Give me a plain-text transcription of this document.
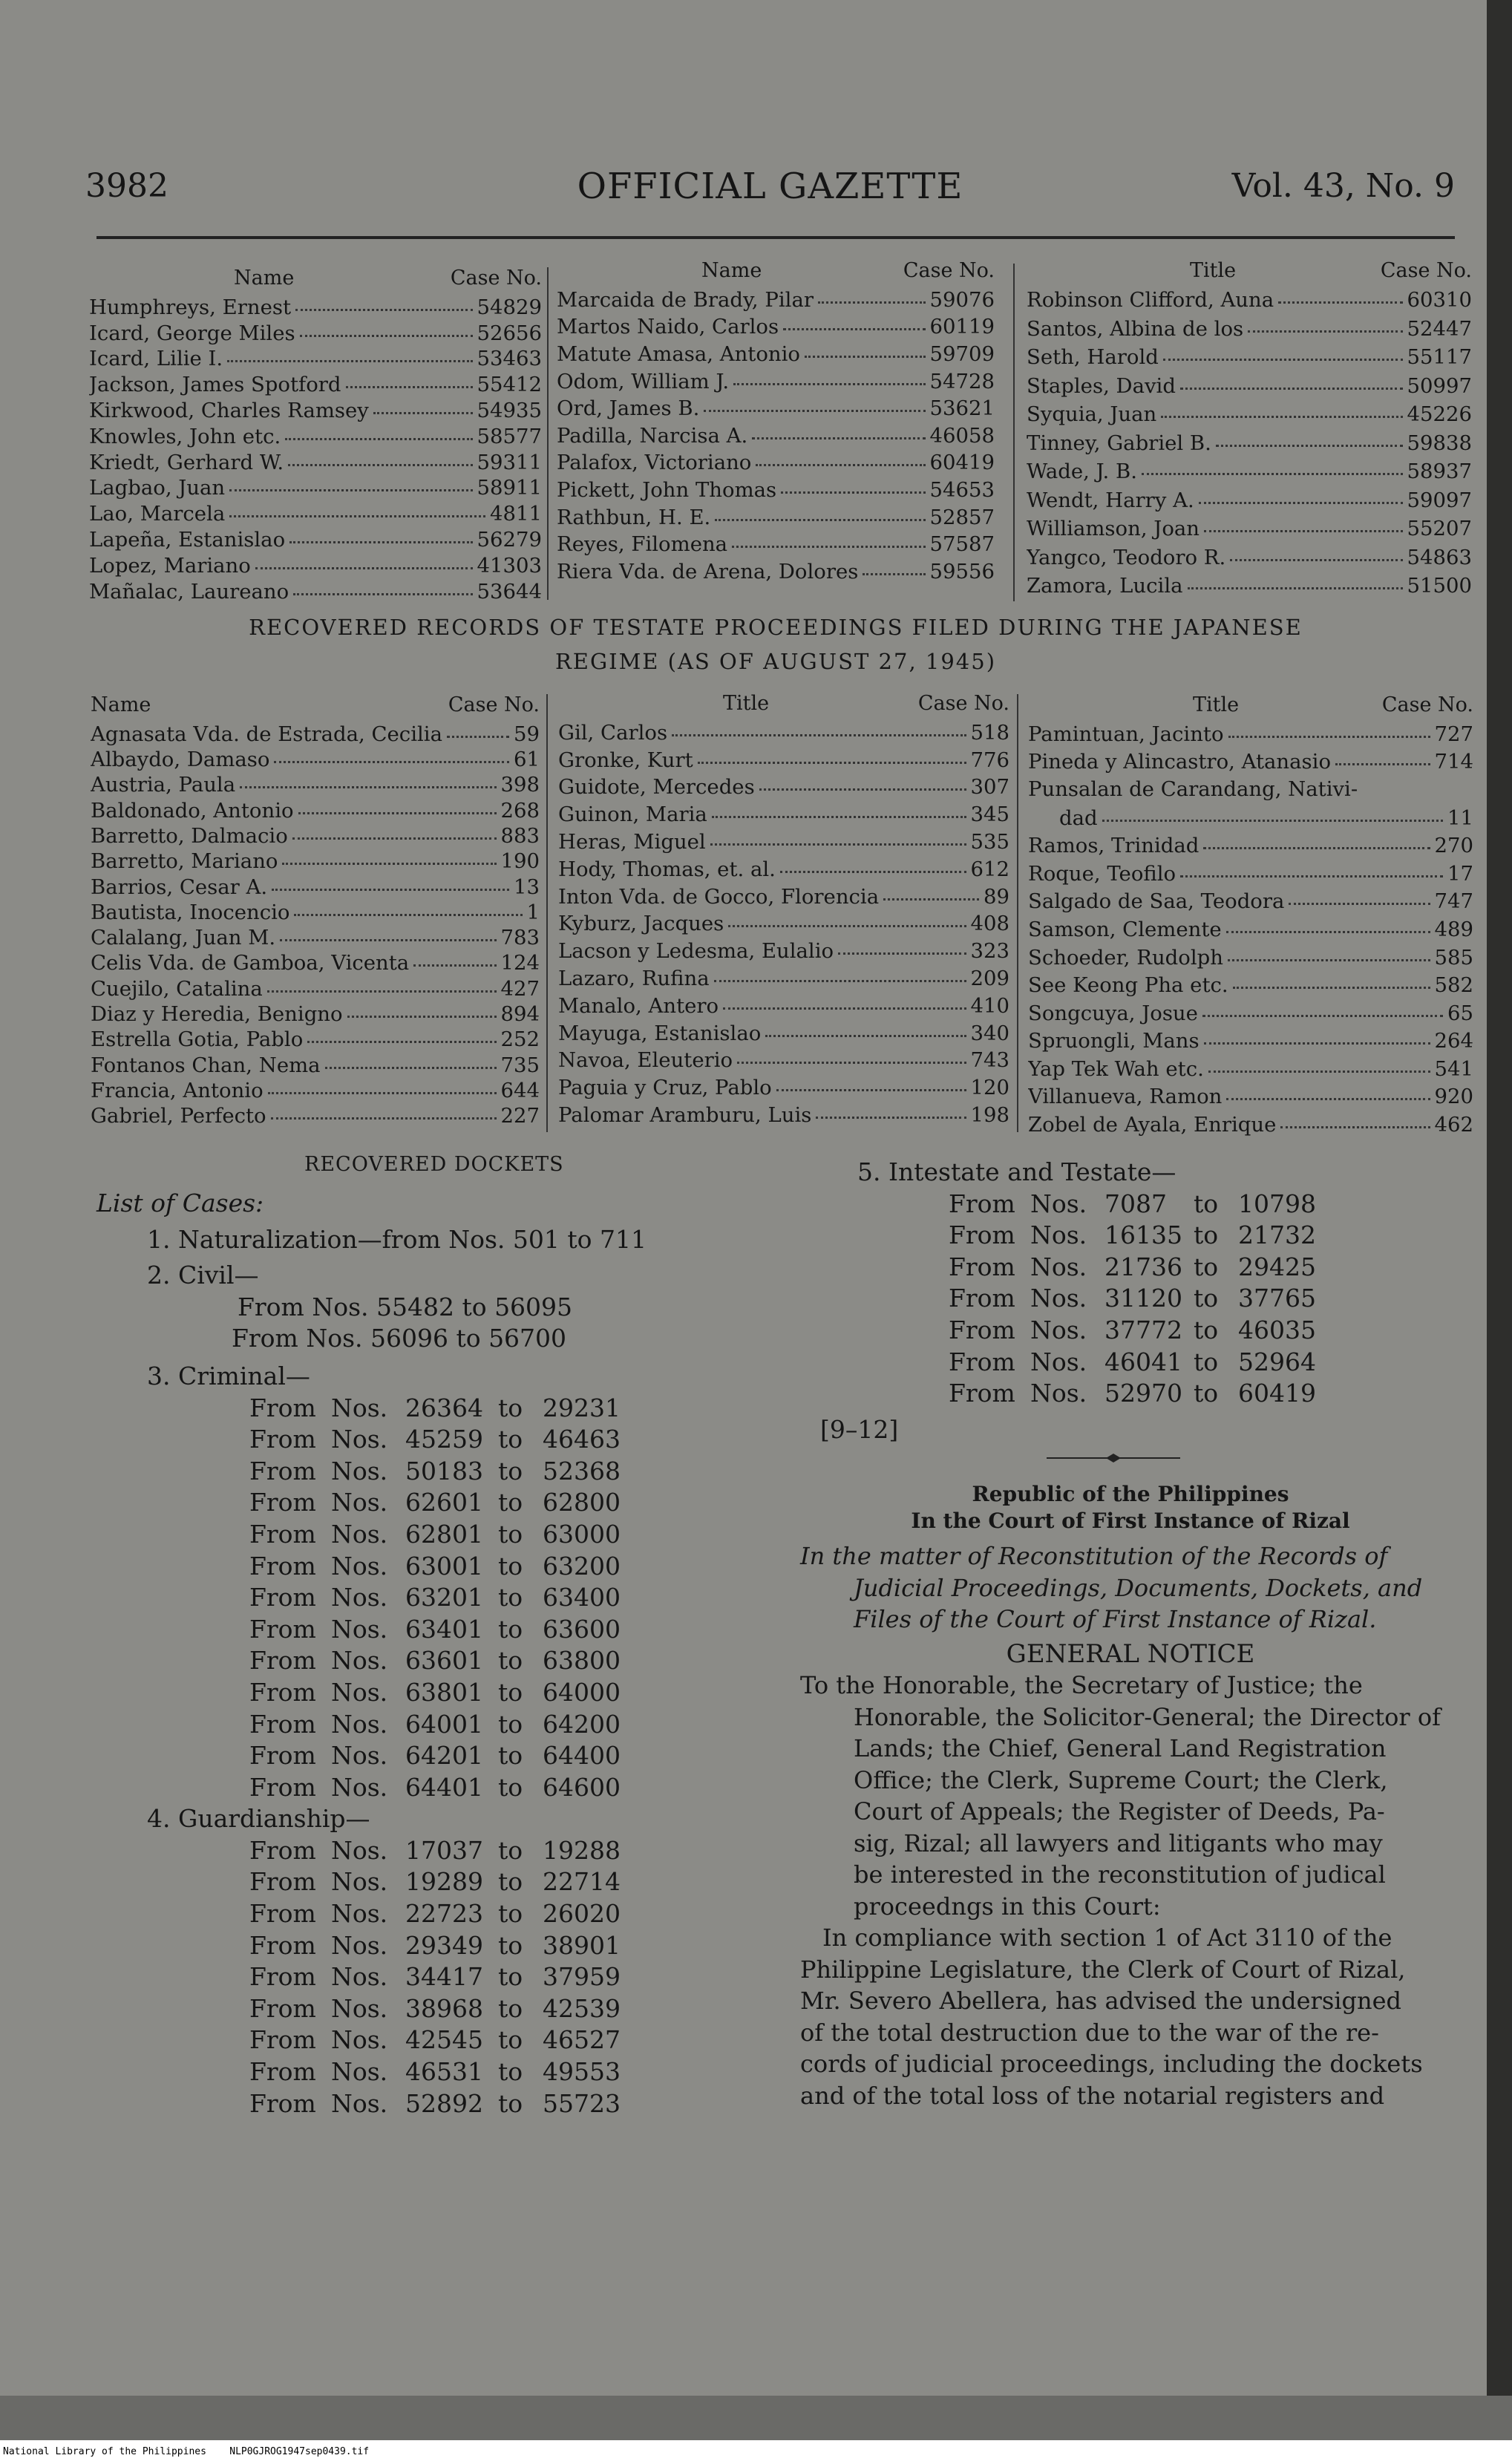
3982	OFFICIAL GAZETTE	Vol. 43, No. 9
Name	Case No.
Humphreys, Ernest	54829
Icard, George Miles	52656
Icard, Lilie I.	53463
Jackson, James Spotford	55412
Kirkwood, Charles Ramsey	54935
Knowles, John etc.	58577
Kriedt, Gerhard W.	59311
Lagbao, Juan	58911
Lao, Marcela	4811
Lapeña, Estanislao	56279
Lopez, Mariano	41303
Mañalac, Laureano	53644
Name	Case No.
Marcaida de Brady, Pilar	59076
Martos Naido, Carlos	60119
Matute Amasa, Antonio	59709
Odom, William J.	54728
Ord, James B.	53621
Padilla, Narcisa A.	46058
Palafox, Victoriano	60419
Pickett, John Thomas	54653
Rathbun, H. E.	52857
Reyes, Filomena	57587
Riera Vda. de Arena, Dolores	59556
Title	Case No.
Robinson Clifford, Auna	60310
Santos, Albina de los	52447
Seth, Harold	55117
Staples, David	50997
Syquia, Juan	45226
Tinney, Gabriel B.	59838
Wade, J. B.	58937
Wendt, Harry A.	59097
Williamson, Joan	55207
Yangco, Teodoro R.	54863
Zamora, Lucila	51500
RECOVERED RECORDS OF TESTATE PROCEEDINGS FILED DURING THE JAPANESE
REGIME (AS OF AUGUST 27, 1945)
Name	Case No.
Agnasata Vda. de Estrada, Cecilia	59
Albaydo, Damaso	61
Austria, Paula	398
Baldonado, Antonio	268
Barretto, Dalmacio	883
Barretto, Mariano	190
Barrios, Cesar A.	13
Bautista, Inocencio	1
Calalang, Juan M.	783
Celis Vda. de Gamboa, Vicenta	124
Cuejilo, Catalina	427
Diaz y Heredia, Benigno	894
Estrella Gotia, Pablo	252
Fontanos Chan, Nema	735
Francia, Antonio	644
Gabriel, Perfecto	227
Title	Case No.
Gil, Carlos	518
Gronke, Kurt	776
Guidote, Mercedes	307
Guinon, Maria	345
Heras, Miguel	535
Hody, Thomas, et. al.	612
Inton Vda. de Gocco, Florencia	89
Kyburz, Jacques	408
Lacson y Ledesma, Eulalio	323
Lazaro, Rufina	209
Manalo, Antero	410
Mayuga, Estanislao	340
Navoa, Eleuterio	743
Paguia y Cruz, Pablo	120
Palomar Aramburu, Luis	198
Title	Case No.
Pamintuan, Jacinto	727
Pineda y Alincastro, Atanasio	714
Punsalan de Carandang, Nativi-
dad	11
Ramos, Trinidad	270
Roque, Teofilo	17
Salgado de Saa, Teodora	747
Samson, Clemente	489
Schoeder, Rudolph	585
See Keong Pha etc.	582
Songcuya, Josue	65
Spruongli, Mans	264
Yap Tek Wah etc.	541
Villanueva, Ramon	920
Zobel de Ayala, Enrique	462
RECOVERED DOCKETS
List of Cases:
1. Naturalization—from Nos. 501 to 711
2. Civil—
From Nos. 55482 to 56095
From Nos. 56096 to 56700
3. Criminal—
From Nos. 26364 to 29231
From Nos. 45259 to 46463
From Nos. 50183 to 52368
From Nos. 62601 to 62800
From Nos. 62801 to 63000
From Nos. 63001 to 63200
From Nos. 63201 to 63400
From Nos. 63401 to 63600
From Nos. 63601 to 63800
From Nos. 63801 to 64000
From Nos. 64001 to 64200
From Nos. 64201 to 64400
From Nos. 64401 to 64600
4. Guardianship—
From Nos. 17037 to 19288
From Nos. 19289 to 22714
From Nos. 22723 to 26020
From Nos. 29349 to 38901
From Nos. 34417 to 37959
From Nos. 38968 to 42539
From Nos. 42545 to 46527
From Nos. 46531 to 49553
From Nos. 52892 to 55723
5. Intestate and Testate—
From Nos. 7087	to 10798
From Nos. 16135 to 21732
From Nos. 21736 to 29425
From Nos. 31120 to 37765
From Nos. 37772 to 46035
From Nos. 46041 to 52964
From Nos. 52970 to 60419
[9–12]
Republic of the Philippines
In the Court of First Instance of Rizal
In the matter of Reconstitution of the Records of
Judicial Proceedings, Documents, Dockets, and
Files of the Court of First Instance of Rizal.
GENERAL NOTICE
To the Honorable, the Secretary of Justice; the
Honorable, the Solicitor-General; the Director of
Lands; the Chief, General Land Registration
Office; the Clerk, Supreme Court; the Clerk,
Court of Appeals; the Register of Deeds, Pa-
sig, Rizal; all lawyers and litigants who may
be interested in the reconstitution of judical
proceedngs in this Court:
In compliance with section 1 of Act 3110 of the
Philippine Legislature, the Clerk of Court of Rizal,
Mr. Severo Abellera, has advised the undersigned
of the total destruction due to the war of the re-
cords of judicial proceedings, including the dockets
and of the total loss of the notarial registers and
National Library of the Philippines    NLP0GJROG1947sep0439.tif
